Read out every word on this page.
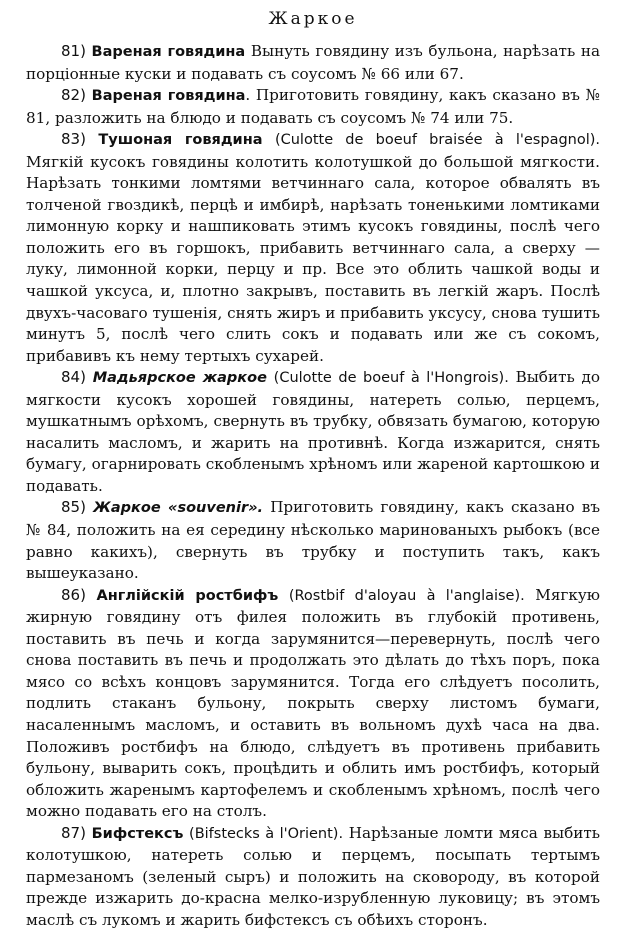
Жаркое

81) Вареная говядина Вынуть говядину изъ бульона, нарѣзать на порціонные куски и подавать съ соусомъ № 66 или 67.

82) Вареная говядина. Приготовить говядину, какъ сказано въ № 81, разложить на блюдо и подавать съ соусомъ № 74 или 75.

83) Тушоная говядина (Culotte de boeuf braisée à l'espagnol). Мягкій кусокъ говядины колотить колотушкой до большой мягкости. Нарѣзать тонкими ломтями ветчиннаго сала, которое обвалять въ толченой гвоздикѣ, перцѣ и имбирѣ, нарѣзать тоненькими ломтиками лимонную корку и нашпиковать этимъ кусокъ говядины, послѣ чего положить его въ горшокъ, прибавить ветчиннаго сала, а сверху — луку, лимонной корки, перцу и пр. Все это облить чашкой воды и чашкой уксуса, и, плотно закрывъ, поставить въ легкій жаръ. Послѣ двухъ-часоваго тушенія, снять жиръ и прибавить уксусу, снова тушить минутъ 5, послѣ чего слить сокъ и подавать или же съ сокомъ, прибавивъ къ нему тертыхъ сухарей.

84) Мадьярское жаркое (Culotte de boeuf à l'Hongrois). Выбить до мягкости кусокъ хорошей говядины, натереть солью, перцемъ, мушкатнымъ орѣхомъ, свернуть въ трубку, обвязать бумагою, которую насалить масломъ, и жарить на противнѣ. Когда изжарится, снять бумагу, огарнировать скобленымъ хрѣномъ или жареной картошкою и подавать.

85) Жаркое «souvenir». Приготовить говядину, какъ сказано въ № 84, положить на ея середину нѣсколько маринованыхъ рыбокъ (все равно какихъ), свернуть въ трубку и поступить такъ, какъ вышеуказано.

86) Англійскій ростбифъ (Rostbif d'aloyau à l'anglaise). Мягкую жирную говядину отъ филея положить въ глубокій противень, поставить въ печь и когда зарумянится—перевернуть, послѣ чего снова поставить въ печь и продолжать это дѣлать до тѣхъ поръ, пока мясо со всѣхъ концовъ зарумянится. Тогда его слѣдуетъ посолить, подлить стаканъ бульону, покрыть сверху листомъ бумаги, насаленнымъ масломъ, и оставить въ вольномъ духѣ часа на два. Положивъ ростбифъ на блюдо, слѣдуетъ въ противень прибавить бульону, выварить сокъ, процѣдить и облить имъ ростбифъ, который обложить жаренымъ картофелемъ и скобленымъ хрѣномъ, послѣ чего можно подавать его на столъ.

87) Бифстексъ (Bifsteсks à l'Orient). Нарѣзаные ломти мяса выбить колотушкою, натереть солью и перцемъ, посыпать тертымъ пармезаномъ (зеленый сыръ) и положить на сковороду, въ которой прежде изжарить до-красна мелко-изрубленную луковицу; въ этомъ маслѣ съ лукомъ и жарить бифстексъ съ обѣихъ сторонъ.
